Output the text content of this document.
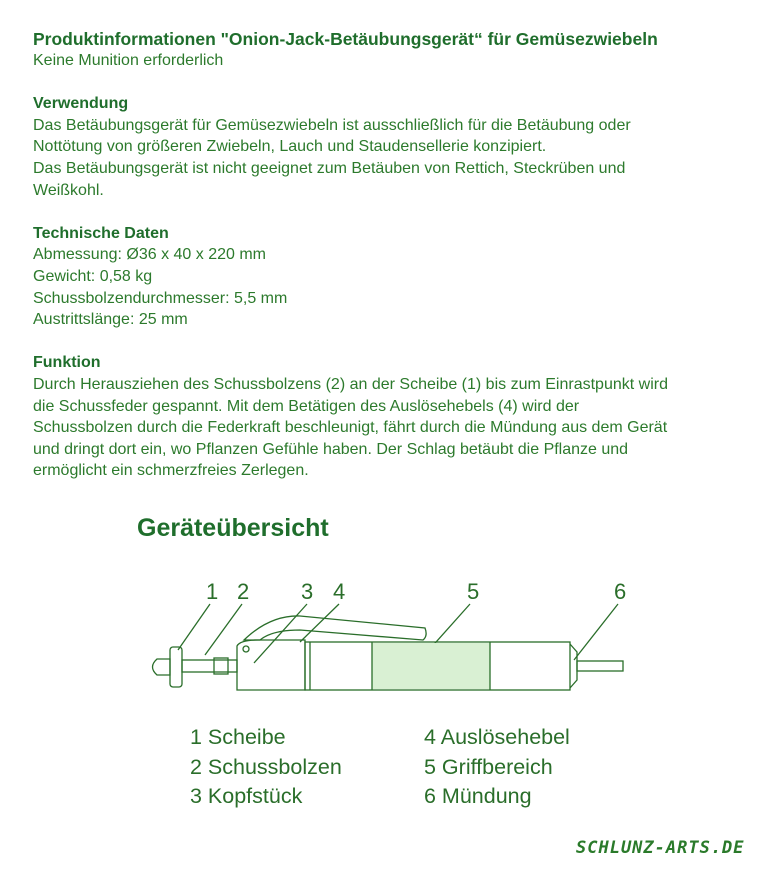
Produktinformationen "Onion-Jack-Betäubungsgerät“ für Gemüsezwiebeln

Keine Munition erforderlich

Verwendung

Das Betäubungsgerät für Gemüsezwiebeln ist ausschließlich für die Betäubung oder

Nottötung von größeren Zwiebeln, Lauch und Staudensellerie konzipiert.

Das Betäubungsgerät ist nicht geeignet zum Betäuben von Rettich, Steckrüben und

Weißkohl.

Technische Daten

Abmessung: Ø36 x 40 x 220 mm

Gewicht: 0,58 kg

Schussbolzendurchmesser: 5,5 mm

Austrittslänge: 25 mm

Funktion

Durch Herausziehen des Schussbolzens (2) an der Scheibe (1) bis zum Einrastpunkt wird

die Schussfeder gespannt. Mit dem Betätigen des Auslösehebels (4) wird der

Schussbolzen durch die Federkraft beschleunigt, fährt durch die Mündung aus dem Gerät

und dringt dort ein, wo Pflanzen Gefühle haben. Der Schlag betäubt die Pflanze und

ermöglicht ein schmerzfreies Zerlegen.

Geräteübersicht

1 2 3 4	5	6
1 Scheibe
2 Schussbolzen
3 Kopfstück
4 Auslösehebel
5 Griffbereich
6 Mündung
SCHLUNZ-ARTS.DE
